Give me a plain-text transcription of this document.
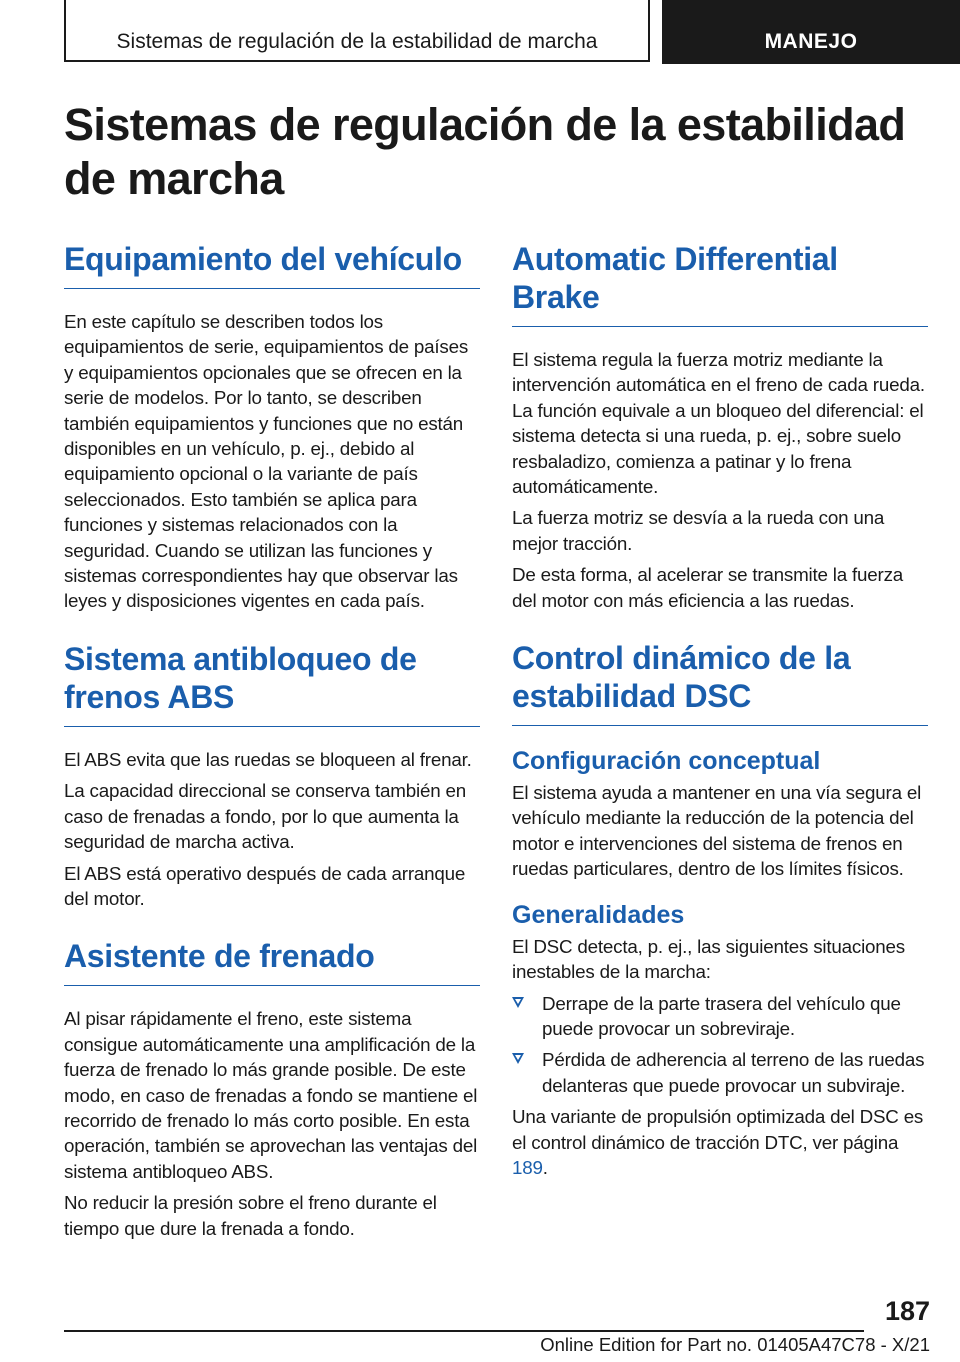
Sistemas de regulación de la estabilidad de marcha	MANEJO
Sistemas de regulación de la estabilidad de marcha
Equipamiento del vehículo

En este capítulo se describen todos los equipamientos de serie, equipamientos de países y equipamientos opcionales que se ofrecen en la serie de modelos. Por lo tanto, se describen también equipamientos y funciones que no están disponibles en un vehículo, p. ej., debido al equipamiento opcional o la variante de país seleccionados. Esto también se aplica para funciones y sistemas relacionados con la seguridad. Cuando se utilizan las funciones y sistemas correspondientes hay que observar las leyes y disposiciones vigentes en cada país.

Sistema antibloqueo de frenos ABS

El ABS evita que las ruedas se bloqueen al frenar.

La capacidad direccional se conserva también en caso de frenadas a fondo, por lo que aumenta la seguridad de marcha activa.

El ABS está operativo después de cada arranque del motor.

Asistente de frenado

Al pisar rápidamente el freno, este sistema consigue automáticamente una amplificación de la fuerza de frenado lo más grande posible. De este modo, en caso de frenadas a fondo se mantiene el recorrido de frenado lo más corto posible. En esta operación, también se aprovechan las ventajas del sistema antibloqueo ABS.

No reducir la presión sobre el freno durante el tiempo que dure la frenada a fondo.

Automatic Differential Brake

El sistema regula la fuerza motriz mediante la intervención automática en el freno de cada rueda. La función equivale a un bloqueo del diferencial: el sistema detecta si una rueda, p. ej., sobre suelo resbaladizo, comienza a patinar y lo frena automáticamente.

La fuerza motriz se desvía a la rueda con una mejor tracción.

De esta forma, al acelerar se transmite la fuerza del motor con más eficiencia a las ruedas.

Control dinámico de la estabilidad DSC
Configuración conceptual

El sistema ayuda a mantener en una vía segura el vehículo mediante la reducción de la potencia del motor e intervenciones del sistema de frenos en ruedas particulares, dentro de los límites físicos.

Generalidades

El DSC detecta, p. ej., las siguientes situaciones inestables de la marcha:

Derrape de la parte trasera del vehículo que puede provocar un sobreviraje.

Pérdida de adherencia al terreno de las ruedas delanteras que puede provocar un subviraje.

Una variante de propulsión optimizada del DSC es el control dinámico de tracción DTC, ver página 189.

187
Online Edition for Part no. 01405A47C78 - X/21
